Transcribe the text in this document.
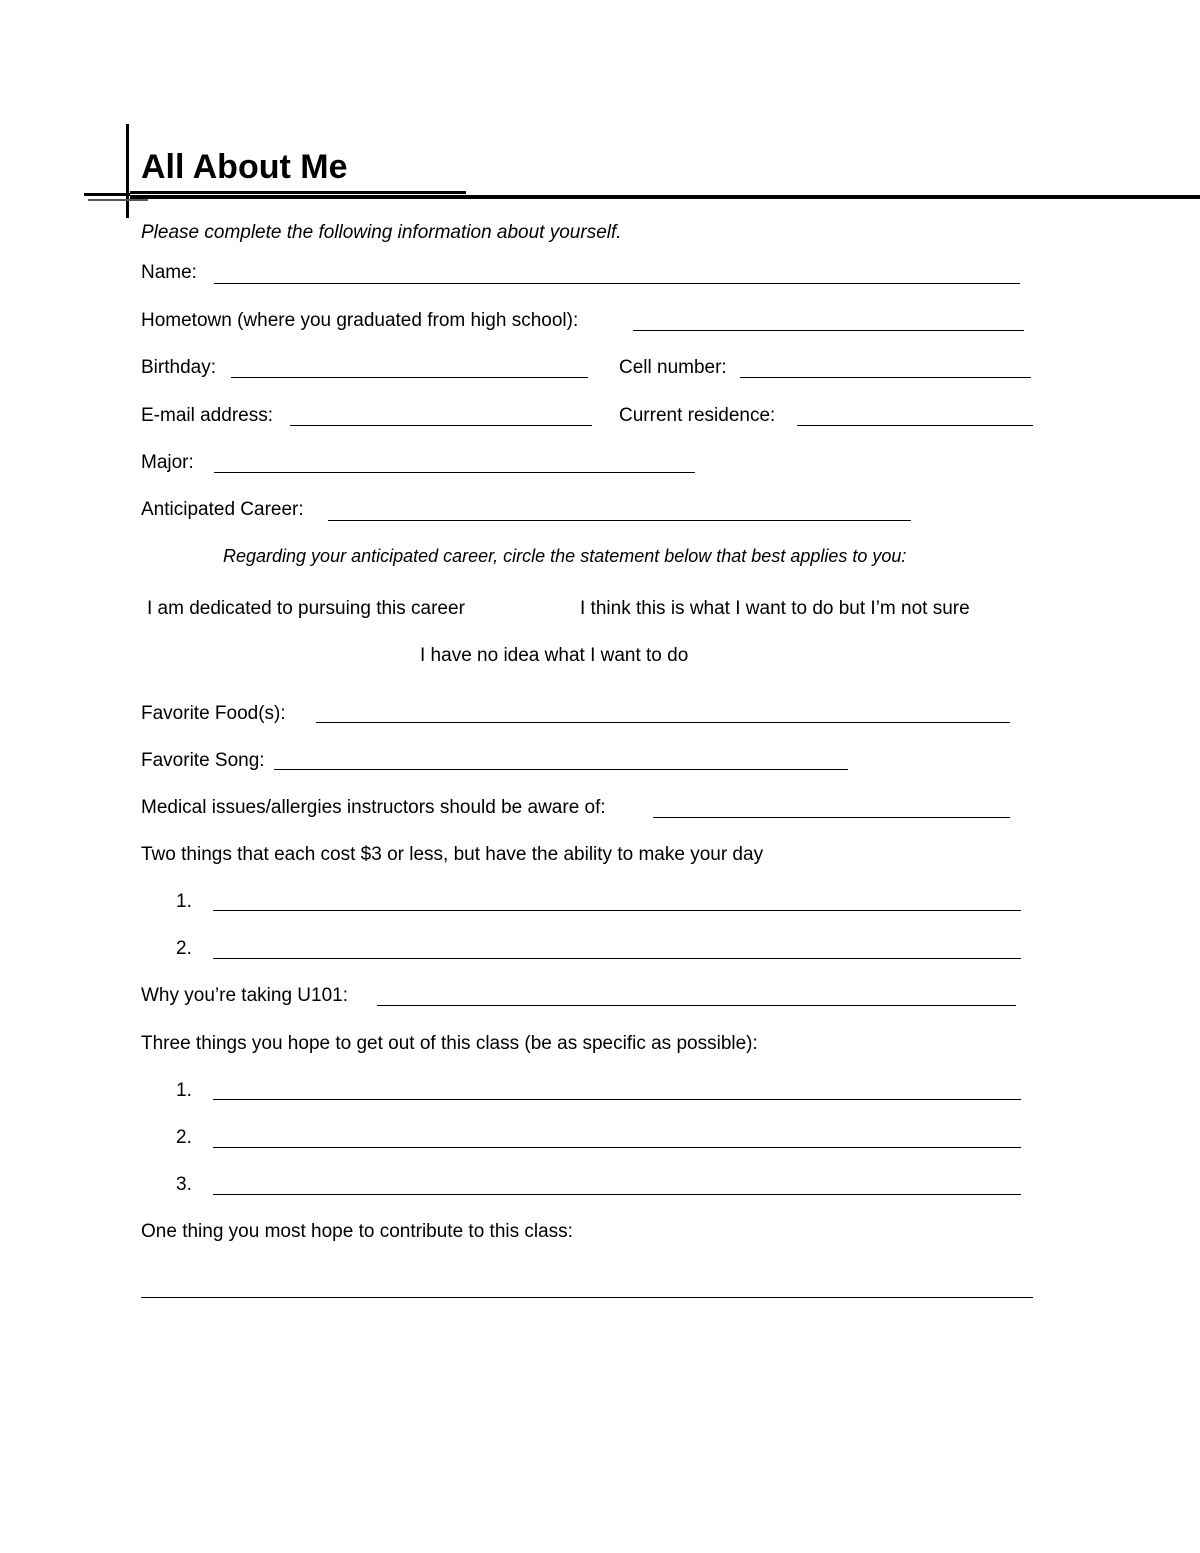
All About Me
Please complete the following information about yourself.
Name:
Hometown (where you graduated from high school):
Birthday:	Cell number:
E-mail address:	Current residence:
Major:
Anticipated Career:
Regarding your anticipated career, circle the statement below that best applies to you:
I am dedicated to pursuing this career	I think this is what I want to do but I’m not sure
I have no idea what I want to do
Favorite Food(s):
Favorite Song:
Medical issues/allergies instructors should be aware of:
Two things that each cost $3 or less, but have the ability to make your day
1.
2.
Why you’re taking U101:
Three things you hope to get out of this class (be as specific as possible):
1.
2.
3.
One thing you most hope to contribute to this class:
